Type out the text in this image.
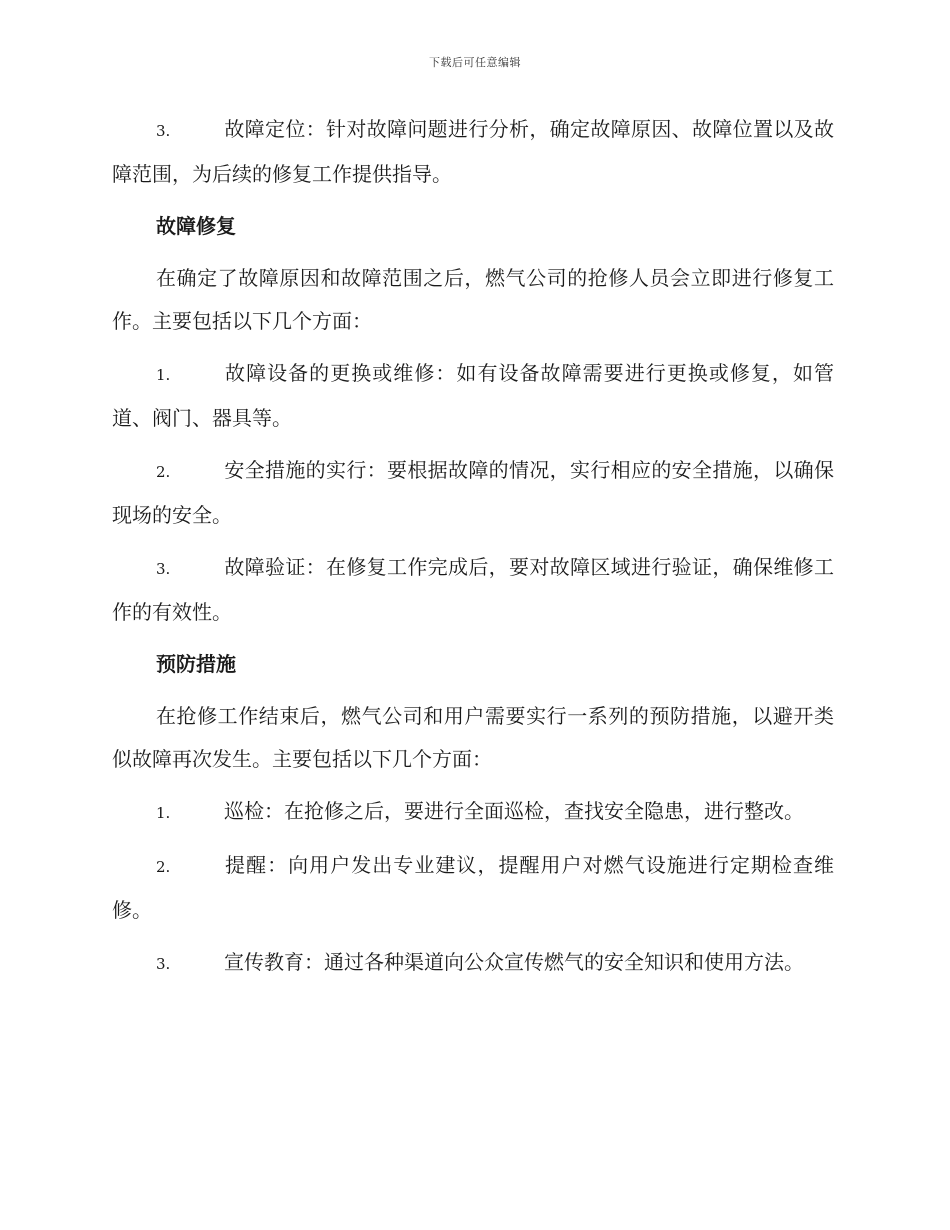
下载后可任意编辑

3.	故障定位：针对故障问题进行分析，确定故障原因、故障位置以及故障范围，为后续的修复工作提供指导。

故障修复

在确定了故障原因和故障范围之后，燃气公司的抢修人员会立即进行修复工作。主要包括以下几个方面：

1.	故障设备的更换或维修：如有设备故障需要进行更换或修复，如管道、阀门、器具等。

2.	安全措施的实行：要根据故障的情况，实行相应的安全措施，以确保现场的安全。

3.	故障验证：在修复工作完成后，要对故障区域进行验证，确保维修工作的有效性。

预防措施

在抢修工作结束后，燃气公司和用户需要实行一系列的预防措施，以避开类似故障再次发生。主要包括以下几个方面：

1.	巡检：在抢修之后，要进行全面巡检，查找安全隐患，进行整改。

2.	提醒：向用户发出专业建议，提醒用户对燃气设施进行定期检查维修。

3.	宣传教育：通过各种渠道向公众宣传燃气的安全知识和使用方法。
